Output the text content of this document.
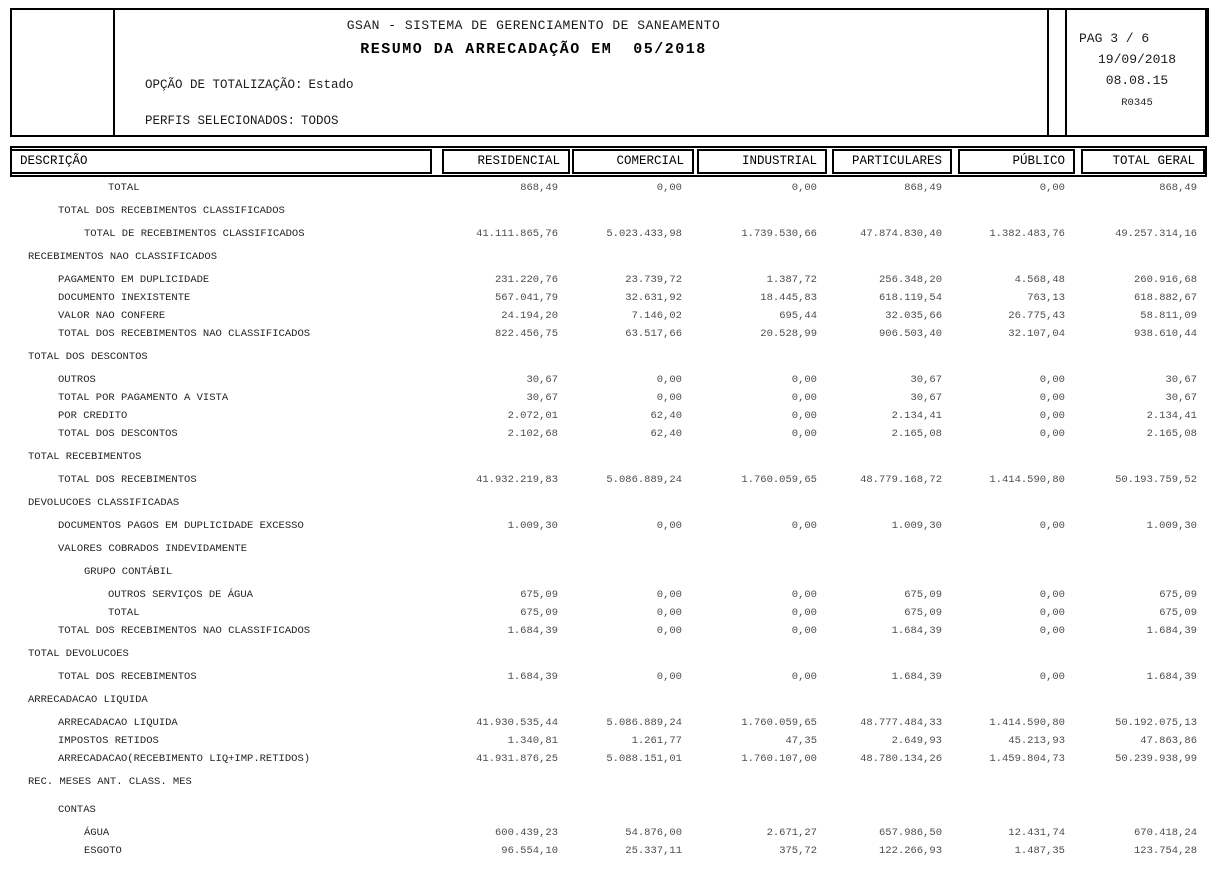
GSAN - SISTEMA DE GERENCIAMENTO DE SANEAMENTO
RESUMO DA ARRECADAÇÃO EM  05/2018
OPÇÃO DE TOTALIZAÇÃO: Estado
PERFIS SELECIONADOS: TODOS
PAG 3 / 6
19/09/2018
08.08.15
R0345
DESCRIÇÃO	RESIDENCIAL	COMERCIAL	INDUSTRIAL	PARTICULARES	PÚBLICO	TOTAL GERAL
TOTAL	868,49	0,00	0,00	868,49	0,00	868,49
TOTAL DOS RECEBIMENTOS CLASSIFICADOS
TOTAL DE RECEBIMENTOS CLASSIFICADOS	41.111.865,76	5.023.433,98	1.739.530,66	47.874.830,40	1.382.483,76	49.257.314,16
RECEBIMENTOS NAO CLASSIFICADOS
PAGAMENTO EM DUPLICIDADE	231.220,76	23.739,72	1.387,72	256.348,20	4.568,48	260.916,68
DOCUMENTO INEXISTENTE	567.041,79	32.631,92	18.445,83	618.119,54	763,13	618.882,67
VALOR NAO CONFERE	24.194,20	7.146,02	695,44	32.035,66	26.775,43	58.811,09
TOTAL DOS RECEBIMENTOS NAO CLASSIFICADOS	822.456,75	63.517,66	20.528,99	906.503,40	32.107,04	938.610,44
TOTAL DOS DESCONTOS
OUTROS	30,67	0,00	0,00	30,67	0,00	30,67
TOTAL POR PAGAMENTO A VISTA	30,67	0,00	0,00	30,67	0,00	30,67
POR CREDITO	2.072,01	62,40	0,00	2.134,41	0,00	2.134,41
TOTAL DOS DESCONTOS	2.102,68	62,40	0,00	2.165,08	0,00	2.165,08
TOTAL RECEBIMENTOS
TOTAL DOS RECEBIMENTOS	41.932.219,83	5.086.889,24	1.760.059,65	48.779.168,72	1.414.590,80	50.193.759,52
DEVOLUCOES CLASSIFICADAS
DOCUMENTOS PAGOS EM DUPLICIDADE EXCESSO	1.009,30	0,00	0,00	1.009,30	0,00	1.009,30
VALORES COBRADOS INDEVIDAMENTE
GRUPO CONTÁBIL
OUTROS SERVIÇOS DE ÁGUA	675,09	0,00	0,00	675,09	0,00	675,09
TOTAL	675,09	0,00	0,00	675,09	0,00	675,09
TOTAL DOS RECEBIMENTOS NAO CLASSIFICADOS	1.684,39	0,00	0,00	1.684,39	0,00	1.684,39
TOTAL DEVOLUCOES
TOTAL DOS RECEBIMENTOS	1.684,39	0,00	0,00	1.684,39	0,00	1.684,39
ARRECADACAO LIQUIDA
ARRECADACAO LIQUIDA	41.930.535,44	5.086.889,24	1.760.059,65	48.777.484,33	1.414.590,80	50.192.075,13
IMPOSTOS RETIDOS	1.340,81	1.261,77	47,35	2.649,93	45.213,93	47.863,86
ARRECADACAO(RECEBIMENTO LIQ+IMP.RETIDOS)	41.931.876,25	5.088.151,01	1.760.107,00	48.780.134,26	1.459.804,73	50.239.938,99
REC. MESES ANT. CLASS. MES
CONTAS
ÁGUA	600.439,23	54.876,00	2.671,27	657.986,50	12.431,74	670.418,24
ESGOTO	96.554,10	25.337,11	375,72	122.266,93	1.487,35	123.754,28
